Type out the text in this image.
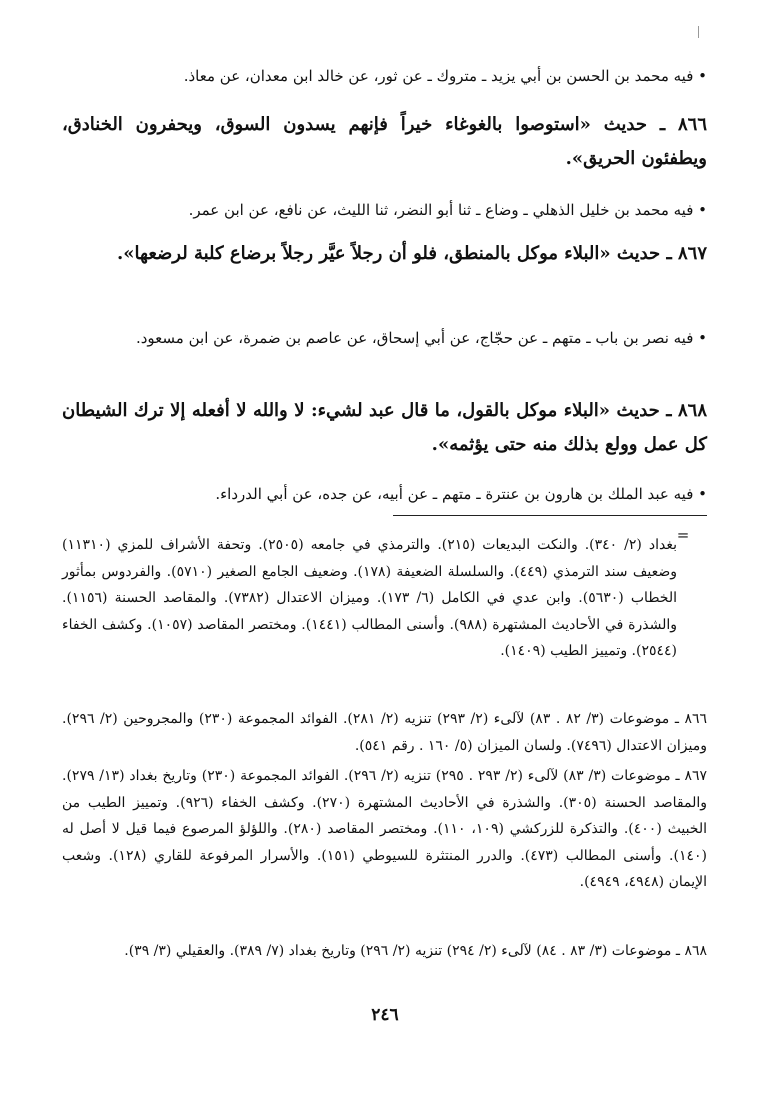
• فيه محمد بن الحسن بن أبي يزيد ـ متروك ـ عن ثور، عن خالد ابن معدان، عن معاذ.

٨٦٦ ـ حديث «استوصوا بالغوغاء خيراً فإنهم يسدون السوق، ويحفرون الخنادق، ويطفئون الحريق».

• فيه محمد بن خليل الذهلي ـ وضاع ـ ثنا أبو النضر، ثنا الليث، عن نافع، عن ابن عمر.

٨٦٧ ـ حديث «البلاء موكل بالمنطق، فلو أن رجلاً عيَّر رجلاً برضاع كلبة لرضعها».

• فيه نصر بن باب ـ متهم ـ عن حجّاج، عن أبي إسحاق، عن عاصم بن ضمرة، عن ابن مسعود.

٨٦٨ ـ حديث «البلاء موكل بالقول، ما قال عبد لشيء: لا والله لا أفعله إلا ترك الشيطان كل عمل وولع بذلك منه حتى يؤثمه».

• فيه عبد الملك بن هارون بن عنترة ـ متهم ـ عن أبيه، عن جده، عن أبي الدرداء.

=

بغداد (٢/ ٣٤٠). والنكت البديعات (٢١٥). والترمذي في جامعه (٢٥٠٥). وتحفة الأشراف للمزي (١١٣١٠) وضعيف سند الترمذي (٤٤٩). والسلسلة الضعيفة (١٧٨). وضعيف الجامع الصغير (٥٧١٠). والفردوس بمأثور الخطاب (٥٦٣٠). وابن عدي في الكامل (٦/ ١٧٣). وميزان الاعتدال (٧٣٨٢). والمقاصد الحسنة (١١٥٦). والشذرة في الأحاديث المشتهرة (٩٨٨). وأسنى المطالب (١٤٤١). ومختصر المقاصد (١٠٥٧). وكشف الخفاء (٢٥٤٤). وتمييز الطيب (١٤٠٩).

٨٦٦ ـ موضوعات (٣/ ٨٢ . ٨٣) لآلىء (٢/ ٢٩٣) تنزيه (٢/ ٢٨١). الفوائد المجموعة (٢٣٠) والمجروحين (٢/ ٢٩٦). وميزان الاعتدال (٧٤٩٦). ولسان الميزان (٥/ ١٦٠ . رقم ٥٤١).

٨٦٧ ـ موضوعات (٣/ ٨٣) لآلىء (٢/ ٢٩٣ . ٢٩٥) تنزيه (٢/ ٢٩٦). الفوائد المجموعة (٢٣٠) وتاريخ بغداد (١٣/ ٢٧٩). والمقاصد الحسنة (٣٠٥). والشذرة في الأحاديث المشتهرة (٢٧٠). وكشف الخفاء (٩٢٦). وتمييز الطيب من الخبيث (٤٠٠). والتذكرة للزركشي (١٠٩، ١١٠). ومختصر المقاصد (٢٨٠). واللؤلؤ المرصوع فيما قيل لا أصل له (١٤٠). وأسنى المطالب (٤٧٣). والدرر المنتثرة للسيوطي (١٥١). والأسرار المرفوعة للقاري (١٢٨). وشعب الإيمان (٤٩٤٨، ٤٩٤٩).

٨٦٨ ـ موضوعات (٣/ ٨٣ . ٨٤) لآلىء (٢/ ٢٩٤) تنزيه (٢/ ٢٩٦) وتاريخ بغداد (٧/ ٣٨٩). والعقيلي (٣/ ٣٩).

٢٤٦
